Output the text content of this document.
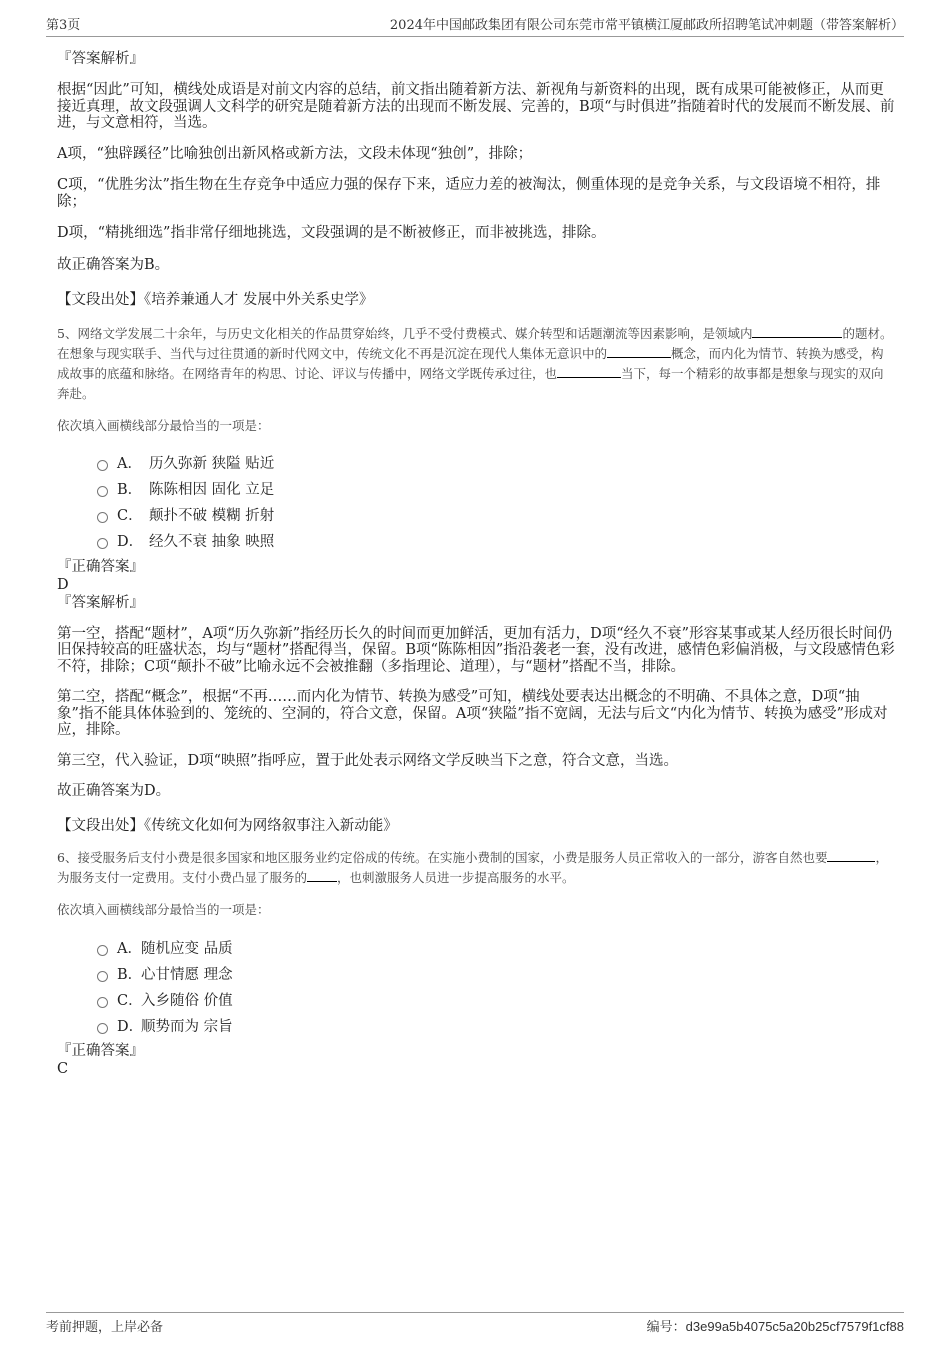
第3页	2024年中国邮政集团有限公司东莞市常平镇横江厦邮政所招聘笔试冲刺题（带答案解析）

『答案解析』

根据“因此”可知，横线处成语是对前文内容的总结，前文指出随着新方法、新视角与新资料的出现，既有成果可能被修正，从而更接近真理，故文段强调人文科学的研究是随着新方法的出现而不断发展、完善的，B项“与时俱进”指随着时代的发展而不断发展、前进，与文意相符，当选。

A项，“独辟蹊径”比喻独创出新风格或新方法，文段未体现“独创”，排除；

C项，“优胜劣汰”指生物在生存竞争中适应力强的保存下来，适应力差的被淘汰，侧重体现的是竞争关系，与文段语境不相符，排除；

D项，“精挑细选”指非常仔细地挑选，文段强调的是不断被修正，而非被挑选，排除。

故正确答案为B。

【文段出处】《培养兼通人才 发展中外关系史学》

5、网络文学发展二十余年，与历史文化相关的作品贯穿始终，几乎不受付费模式、媒介转型和话题潮流等因素影响，是领域内	的题材。在想象与现实联手、当代与过往贯通的新时代网文中，传统文化不再是沉淀在现代人集体无意识中的	概念，而内化为情节、转换为感受，构成故事的底蕴和脉络。在网络青年的构思、讨论、评议与传播中，网络文学既传承过往，也	当下，每一个精彩的故事都是想象与现实的双向奔赴。

依次填入画横线部分最恰当的一项是：

A． 历久弥新 狭隘 贴近
B． 陈陈相因 固化 立足
C． 颠扑不破 模糊 折射
D． 经久不衰 抽象 映照

『正确答案』

D

『答案解析』

第一空，搭配“题材”，A项“历久弥新”指经历长久的时间而更加鲜活，更加有活力，D项“经久不衰”形容某事或某人经历很长时间仍旧保持较高的旺盛状态，均与“题材”搭配得当，保留。B项“陈陈相因”指沿袭老一套，没有改进，感情色彩偏消极，与文段感情色彩不符，排除；C项“颠扑不破”比喻永远不会被推翻（多指理论、道理），与“题材”搭配不当，排除。

第二空，搭配“概念”，根据“不再……而内化为情节、转换为感受”可知，横线处要表达出概念的不明确、不具体之意，D项“抽象”指不能具体体验到的、笼统的、空洞的，符合文意，保留。A项“狭隘”指不宽阔，无法与后文“内化为情节、转换为感受”形成对应，排除。

第三空，代入验证，D项“映照”指呼应，置于此处表示网络文学反映当下之意，符合文意，当选。

故正确答案为D。

【文段出处】《传统文化如何为网络叙事注入新动能》

6、接受服务后支付小费是很多国家和地区服务业约定俗成的传统。在实施小费制的国家，小费是服务人员正常收入的一部分，游客自然也要	，为服务支付一定费用。支付小费凸显了服务的 ，也刺激服务人员进一步提高服务的水平。

依次填入画横线部分最恰当的一项是：

A． 随机应变 品质
B．
心甘情愿 理念
C．
入乡随俗 价值
D．
顺势而为 宗旨

『正确答案』

C

考前押题，上岸必备	编号：d3e99a5b4075c5a20b25cf7579f1cf88
